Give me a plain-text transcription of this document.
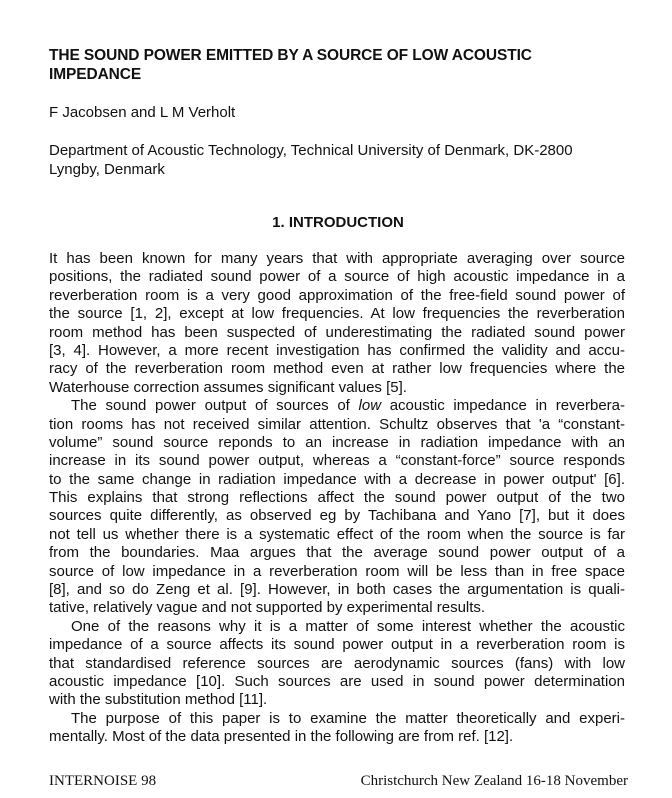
THE SOUND POWER EMITTED BY A SOURCE OF LOW ACOUSTIC
IMPEDANCE
F Jacobsen and L M Verholt
Department of Acoustic Technology, Technical University of Denmark, DK-2800
Lyngby, Denmark
1. INTRODUCTION
It has been known for many years that with appropriate averaging over source
positions, the radiated sound power of a source of high acoustic impedance in a
reverberation room is a very good approximation of the free-field sound power of
the source [1, 2], except at low frequencies. At low frequencies the reverberation
room method has been suspected of underestimating the radiated sound power
[3, 4]. However, a more recent investigation has confirmed the validity and accu-
racy of the reverberation room method even at rather low frequencies where the
Waterhouse correction assumes significant values [5].
The sound power output of sources of low acoustic impedance in reverbera-
tion rooms has not received similar attention. Schultz observes that 'a “constant-
volume” sound source reponds to an increase in radiation impedance with an
increase in its sound power output, whereas a “constant-force” source responds
to the same change in radiation impedance with a decrease in power output' [6].
This explains that strong reflections affect the sound power output of the two
sources quite differently, as observed eg by Tachibana and Yano [7], but it does
not tell us whether there is a systematic effect of the room when the source is far
from the boundaries. Maa argues that the average sound power output of a
source of low impedance in a reverberation room will be less than in free space
[8], and so do Zeng et al. [9]. However, in both cases the argumentation is quali-
tative, relatively vague and not supported by experimental results.
One of the reasons why it is a matter of some interest whether the acoustic
impedance of a source affects its sound power output in a reverberation room is
that standardised reference sources are aerodynamic sources (fans) with low
acoustic impedance [10]. Such sources are used in sound power determination
with the substitution method [11].
The purpose of this paper is to examine the matter theoretically and experi-
mentally. Most of the data presented in the following are from ref. [12].
INTERNOISE 98	Christchurch New Zealand 16-18 November
